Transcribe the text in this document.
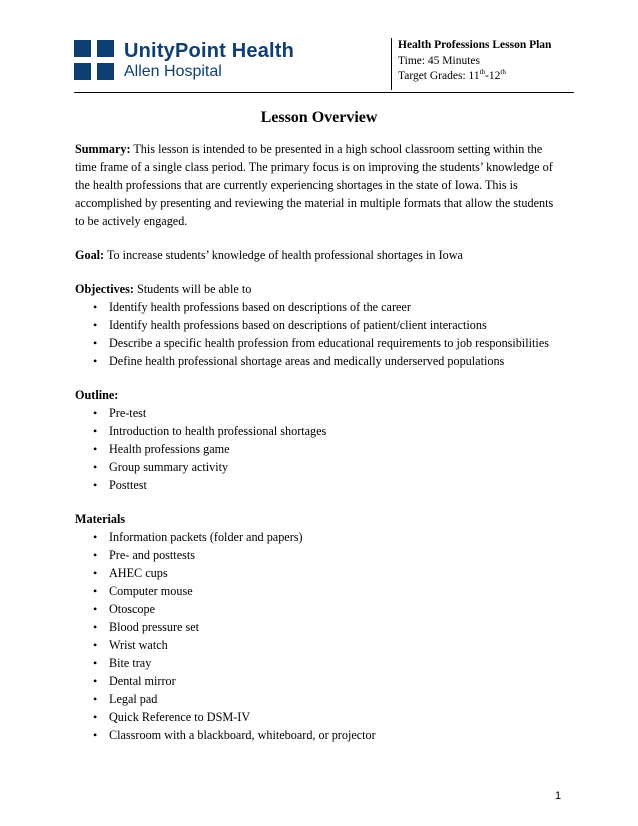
UnityPoint Health
Allen Hospital
Health Professions Lesson Plan
Time: 45 Minutes
Target Grades: 11th-12th
Lesson Overview

Summary: This lesson is intended to be presented in a high school classroom setting within the time frame of a single class period. The primary focus is on improving the students’ knowledge of the health professions that are currently experiencing shortages in the state of Iowa. This is accomplished by presenting and reviewing the material in multiple formats that allow the students to be actively engaged.

Goal: To increase students’ knowledge of health professional shortages in Iowa

Objectives: Students will be able to

• Identify health professions based on descriptions of the career
• Identify health professions based on descriptions of patient/client interactions
• Describe a specific health profession from educational requirements to job responsibilities
• Define health professional shortage areas and medically underserved populations

Outline:

• Pre-test
• Introduction to health professional shortages
• Health professions game
• Group summary activity
• Posttest

Materials

• Information packets (folder and papers)
• Pre- and posttests
• AHEC cups
• Computer mouse
• Otoscope
• Blood pressure set
• Wrist watch
• Bite tray
• Dental mirror
• Legal pad
• Quick Reference to DSM-IV
• Classroom with a blackboard, whiteboard, or projector
1
